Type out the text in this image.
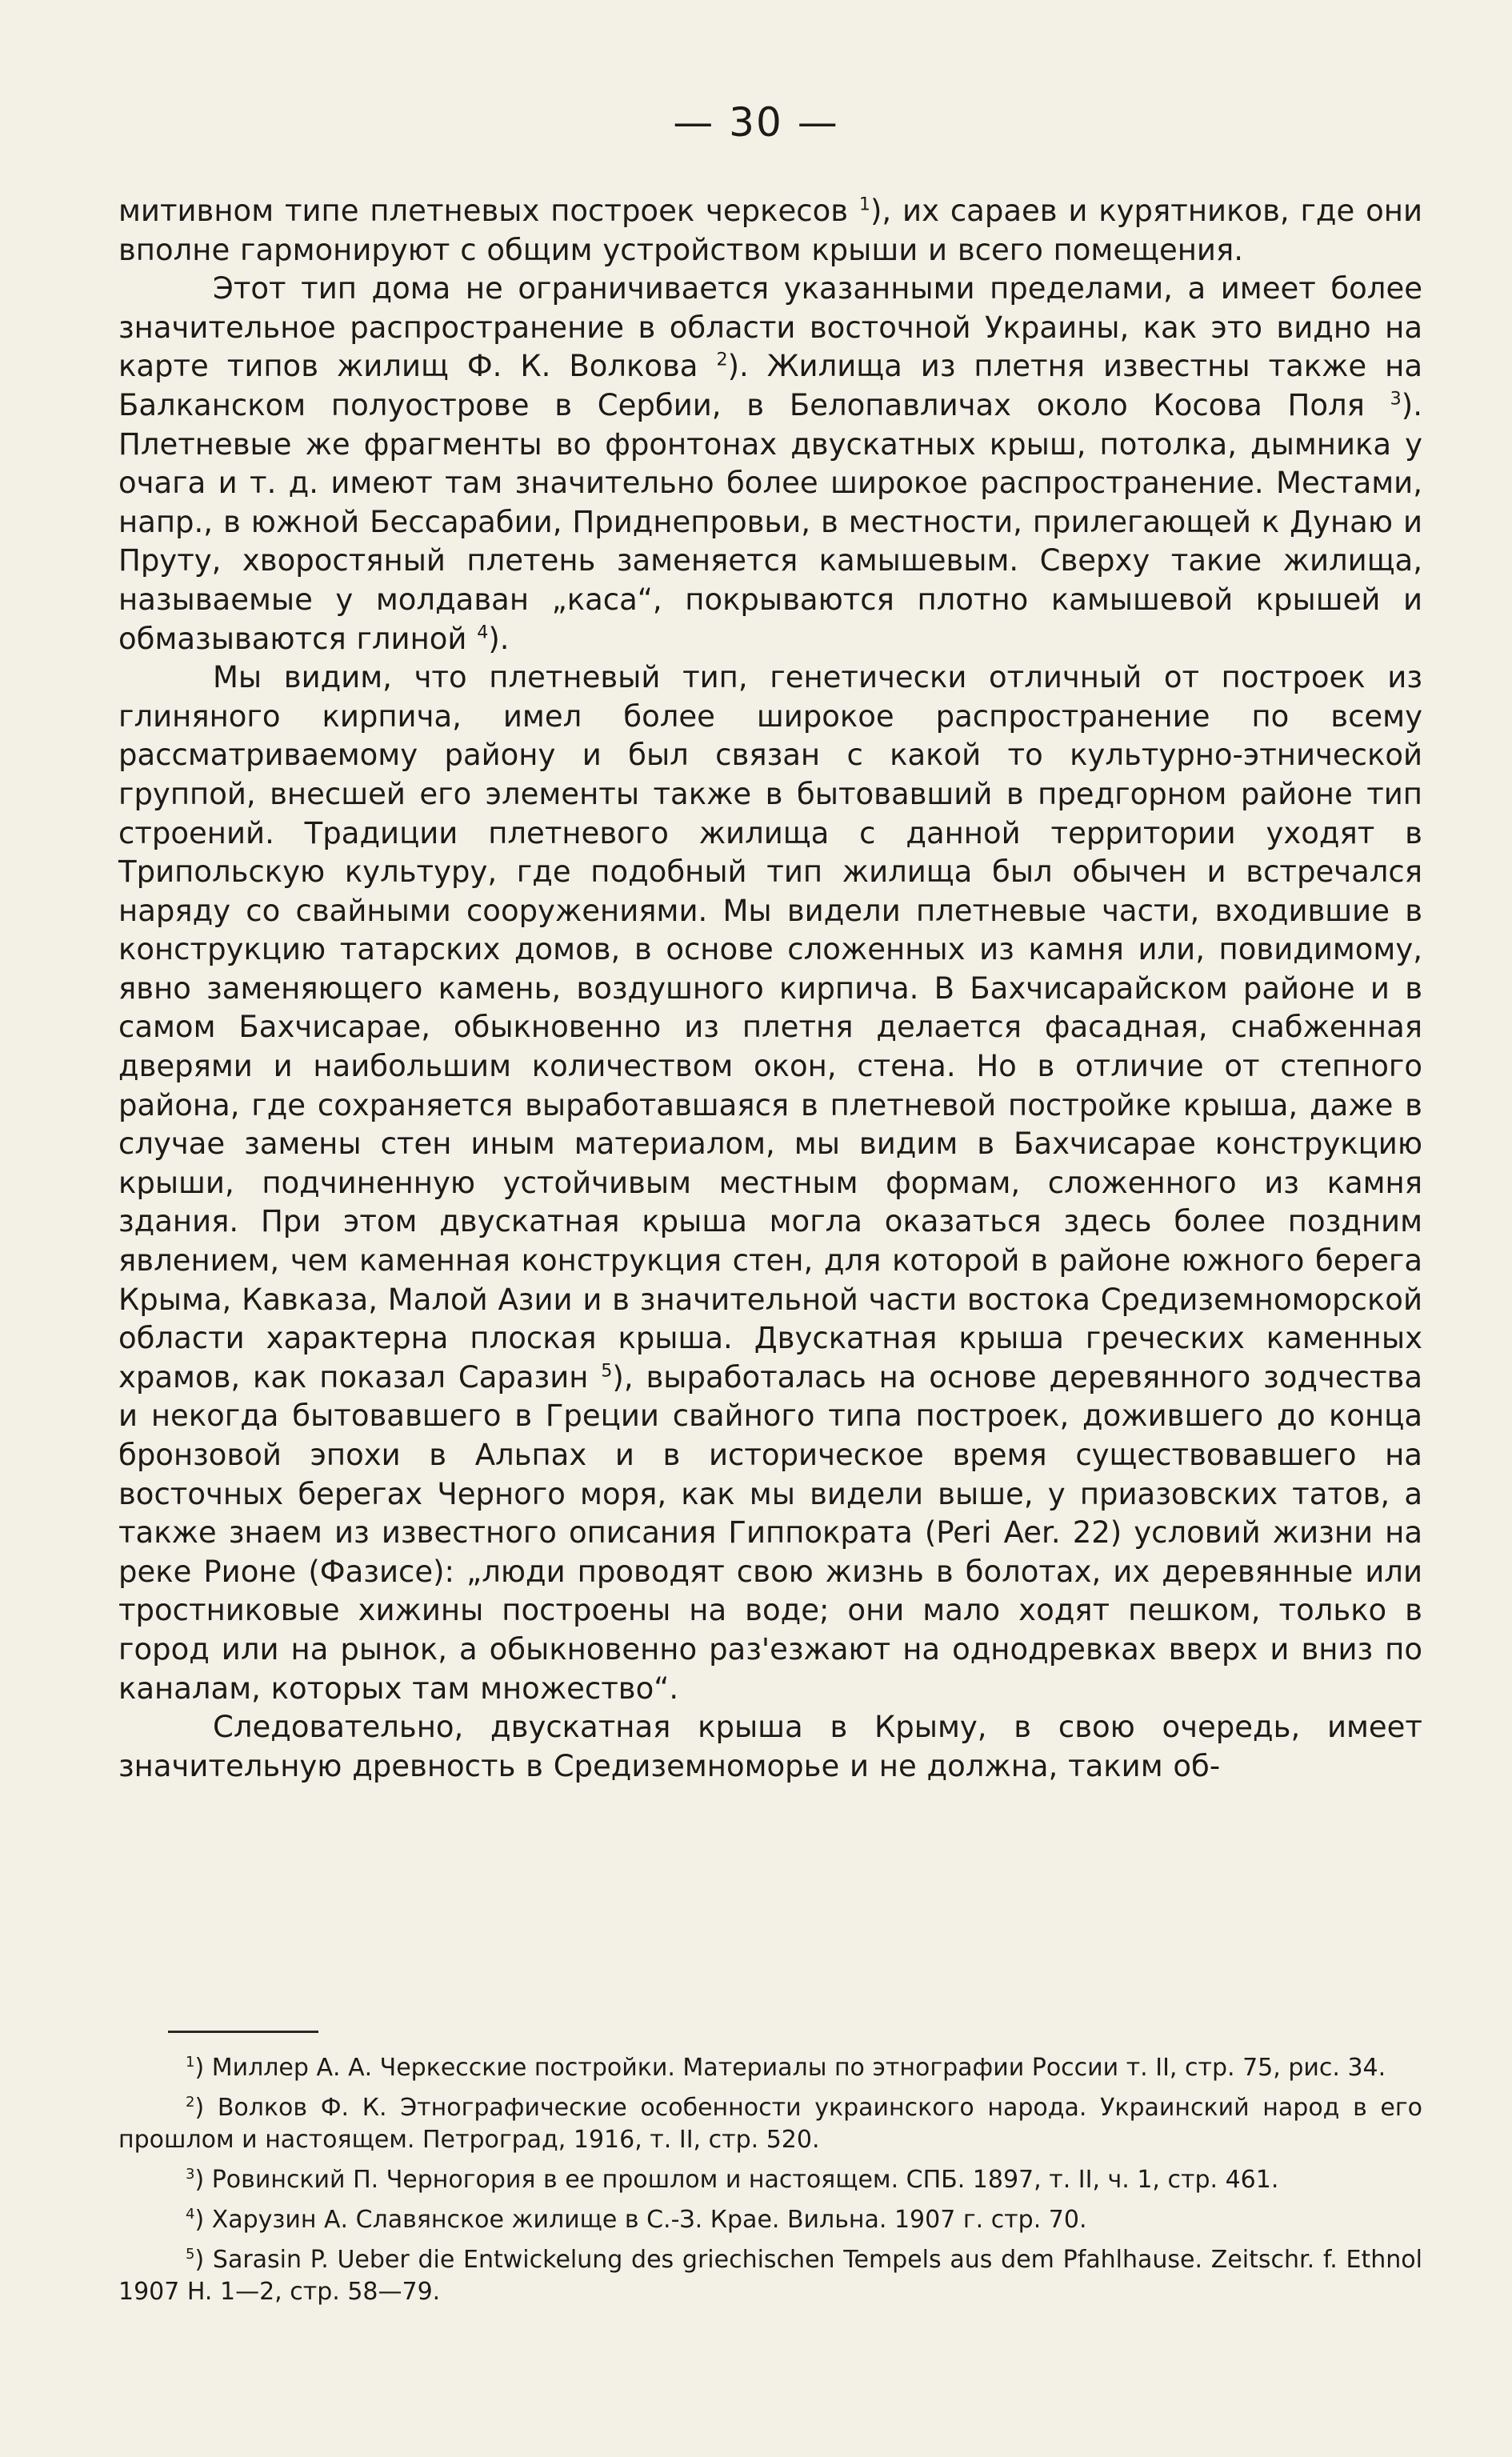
— 30 —

митивном типе плетневых построек черкесов $^1$), их сараев и курятников, где они вполне гармонируют с общим устройством крыши и всего помещения.

Этот тип дома не ограничивается указанными пределами, а имеет более значительное распространение в области восточной Украины, как это видно на карте типов жилищ Ф. К. Волкова $^2$). Жилища из плетня известны также на Балканском полуострове в Сербии, в Белопавличах около Косова Поля $^3$). Плетневые же фрагменты во фронтонах двускатных крыш, потолка, дымника у очага и т. д. имеют там значительно более широкое распространение. Местами, напр., в южной Бессарабии, Приднепровьи, в местности, прилегающей к Дунаю и Пруту, хворостяный плетень заменяется камышевым. Сверху такие жилища, называемые у молдаван „каса“, покрываются плотно камышевой крышей и обмазываются глиной $^4$).

Мы видим, что плетневый тип, генетически отличный от построек из глиняного кирпича, имел более широкое распространение по всему рассматриваемому району и был связан с какой то культурно-этнической группой, внесшей его элементы также в бытовавший в предгорном районе тип строений. Традиции плетневого жилища с данной территории уходят в Трипольскую культуру, где подобный тип жилища был обычен и встречался наряду со свайными сооружениями. Мы видели плетневые части, входившие в конструкцию татарских домов, в основе сложенных из камня или, повидимому, явно заменяющего камень, воздушного кирпича. В Бахчисарайском районе и в самом Бахчисарае, обыкновенно из плетня делается фасадная, снабженная дверями и наибольшим количеством окон, стена. Но в отличие от степного района, где сохраняется выработавшаяся в плетневой постройке крыша, даже в случае замены стен иным материалом, мы видим в Бахчисарае конструкцию крыши, подчиненную устойчивым местным формам, сложенного из камня здания. При этом двускатная крыша могла оказаться здесь более поздним явлением, чем каменная конструкция стен, для которой в районе южного берега Крыма, Кавказа, Малой Азии и в значительной части востока Средиземноморской области характерна плоская крыша. Двускатная крыша греческих каменных храмов, как показал Саразин $^5$), выработалась на основе деревянного зодчества и некогда бытовавшего в Греции свайного типа построек, дожившего до конца бронзовой эпохи в Альпах и в историческое время существовавшего на восточных берегах Черного моря, как мы видели выше, у приазовских татов, а также знаем из известного описания Гиппократа (Peri Aer. 22) условий жизни на реке Рионе (Фазисе): „люди проводят свою жизнь в болотах, их деревянные или тростниковые хижины построены на воде; они мало ходят пешком, только в город или на рынок, а обыкновенно раз'езжают на однодревках вверх и вниз по каналам, которых там множество“.

Следовательно, двускатная крыша в Крыму, в свою очередь, имеет значительную древность в Средиземноморье и не должна, таким об-

$^1$) Миллер А. А. Черкесские постройки. Материалы по этнографии России т. II, стр. 75, рис. 34.

$^2$) Волков Ф. К. Этнографические особенности украинского народа. Украинский народ в его прошлом и настоящем. Петроград, 1916, т. II, стр. 520.

$^3$) Ровинский П. Черногория в ее прошлом и настоящем. СПБ. 1897, т. II, ч. 1, стр. 461.

$^4$) Харузин А. Славянское жилище в С.-З. Крае. Вильна. 1907 г. стр. 70.

$^5$) Sarasin P. Ueber die Entwickelung des griechischen Tempels aus dem Pfahlhause. Zeitschr. f. Ethnol 1907 H. 1—2, стр. 58—79.
